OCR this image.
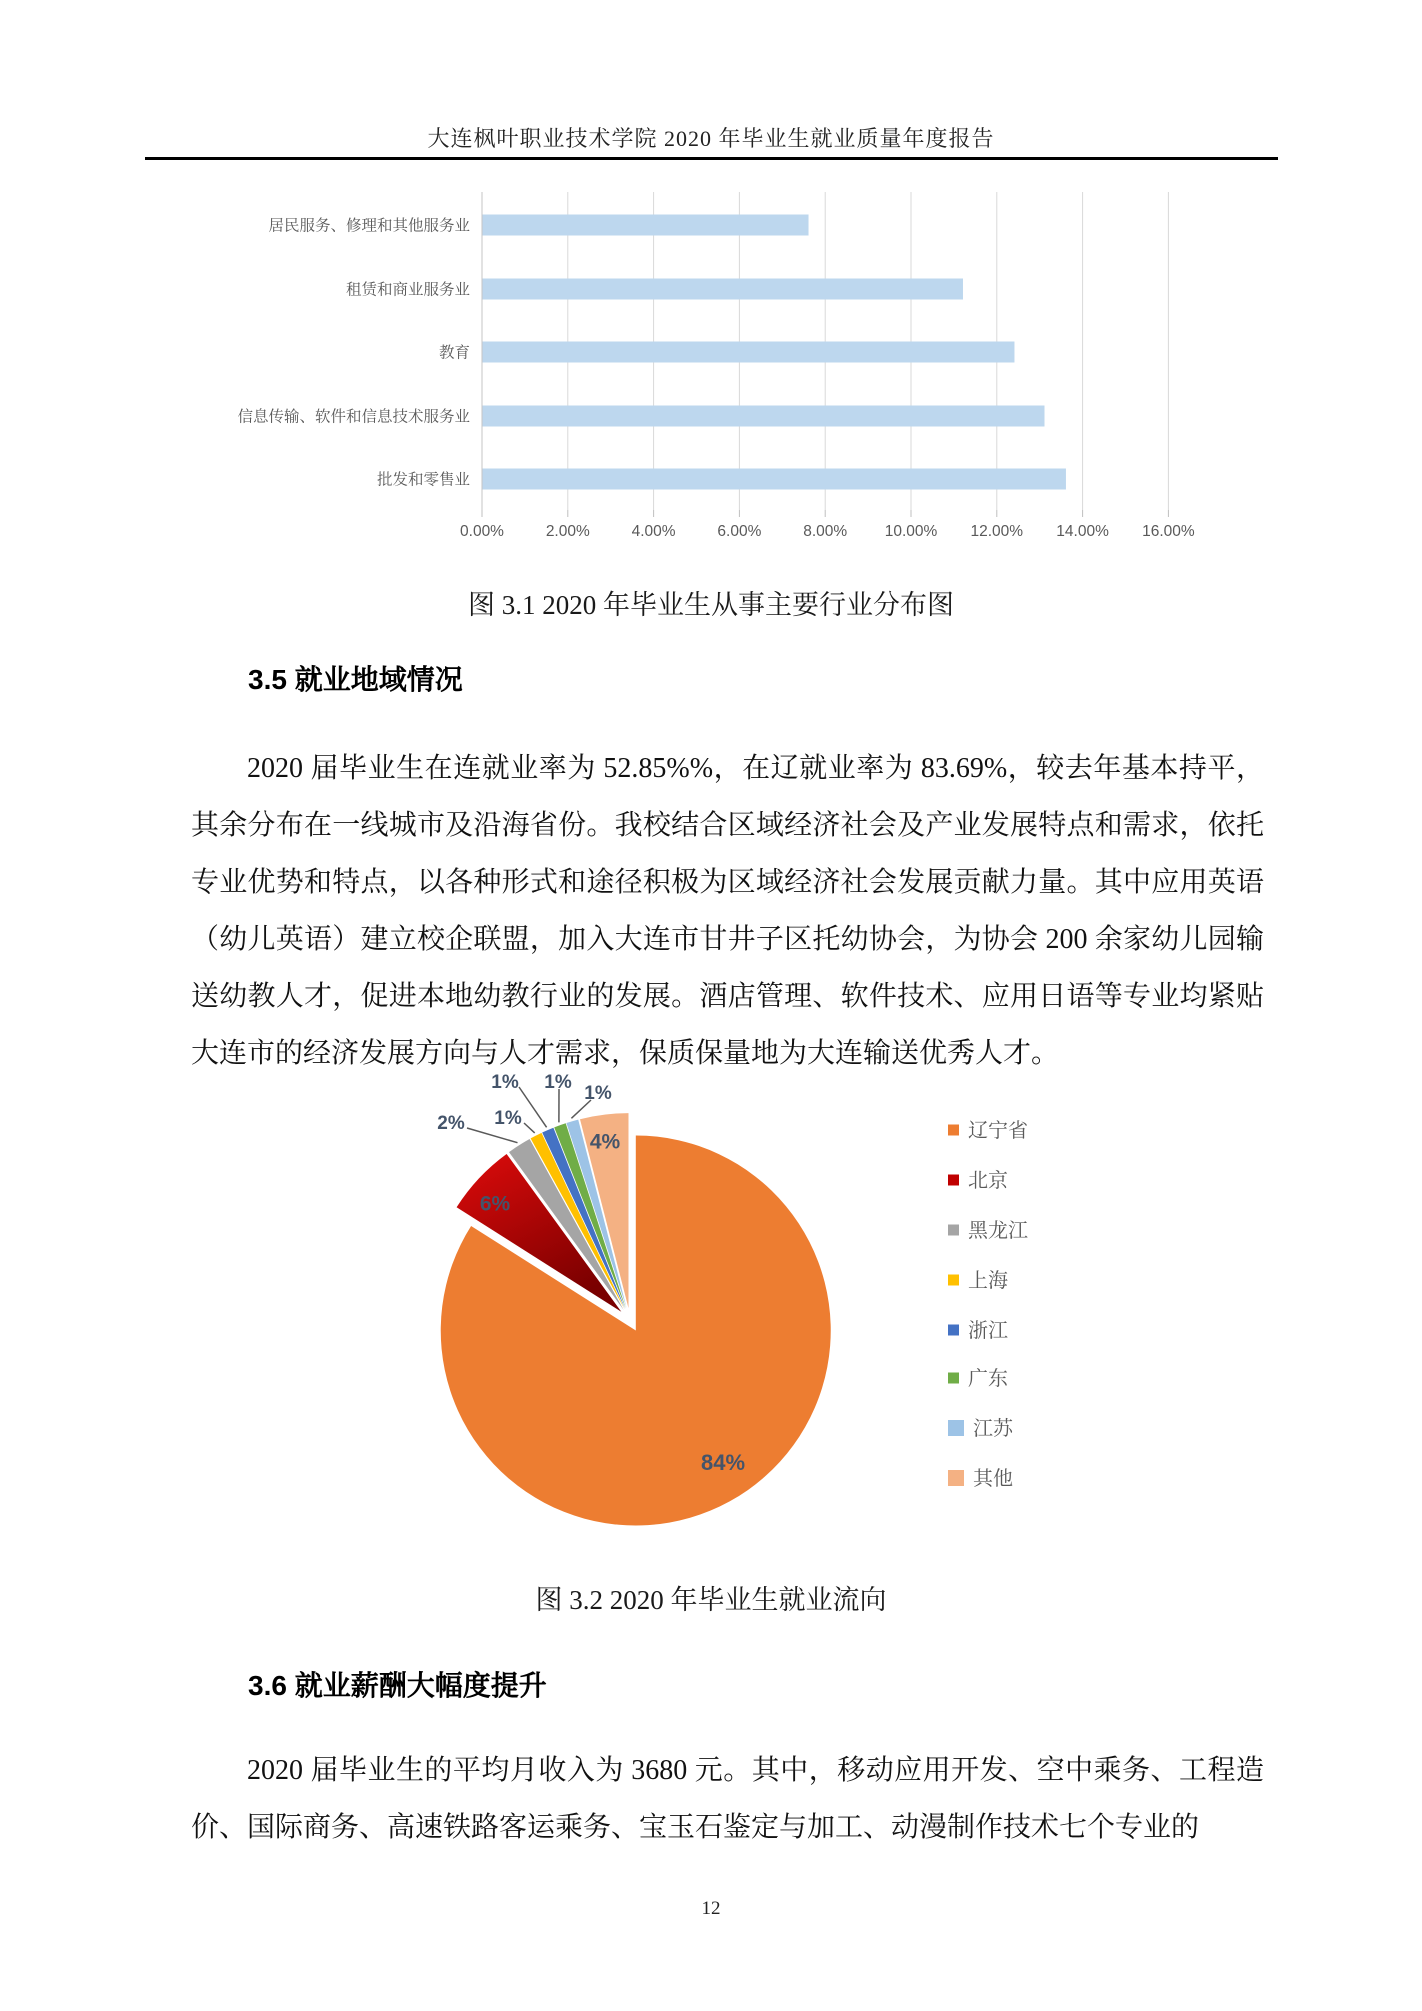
大连枫叶职业技术学院 2020 年毕业生就业质量年度报告
0.00%	2.00%	4.00%	6.00%	8.00% 10.00% 12.00% 14.00% 16.00%
居民服务、修理和其他服务业
租赁和商业服务业
教育
信息传输、软件和信息技术服务业
批发和零售业
图 3.1 2020 年毕业生从事主要行业分布图
3.5 就业地域情况
2020 届毕业生在连就业率为 52.85%%，在辽就业率为 83.69%，较去年基本持平，其余分布在一线城市及沿海省份。我校结合区域经济社会及产业发展特点和需求，依托专业优势和特点，以各种形式和途径积极为区域经济社会发展贡献力量。其中应用英语（幼儿英语）建立校企联盟，加入大连市甘井子区托幼协会，为协会 200 余家幼儿园输送幼教人才，促进本地幼教行业的发展。酒店管理、软件技术、应用日语等专业均紧贴大连市的经济发展方向与人才需求，保质保量地为大连输送优秀人才。
84%
6%
2% 1%
1% 1%
1%
4%	辽宁省
北京
黑龙江
上海
浙江
广东
江苏
其他
图 3.2 2020 年毕业生就业流向
3.6 就业薪酬大幅度提升
2020 届毕业生的平均月收入为 3680 元。其中，移动应用开发、空中乘务、工程造价、国际商务、高速铁路客运乘务、宝玉石鉴定与加工、动漫制作技术七个专业的
12
